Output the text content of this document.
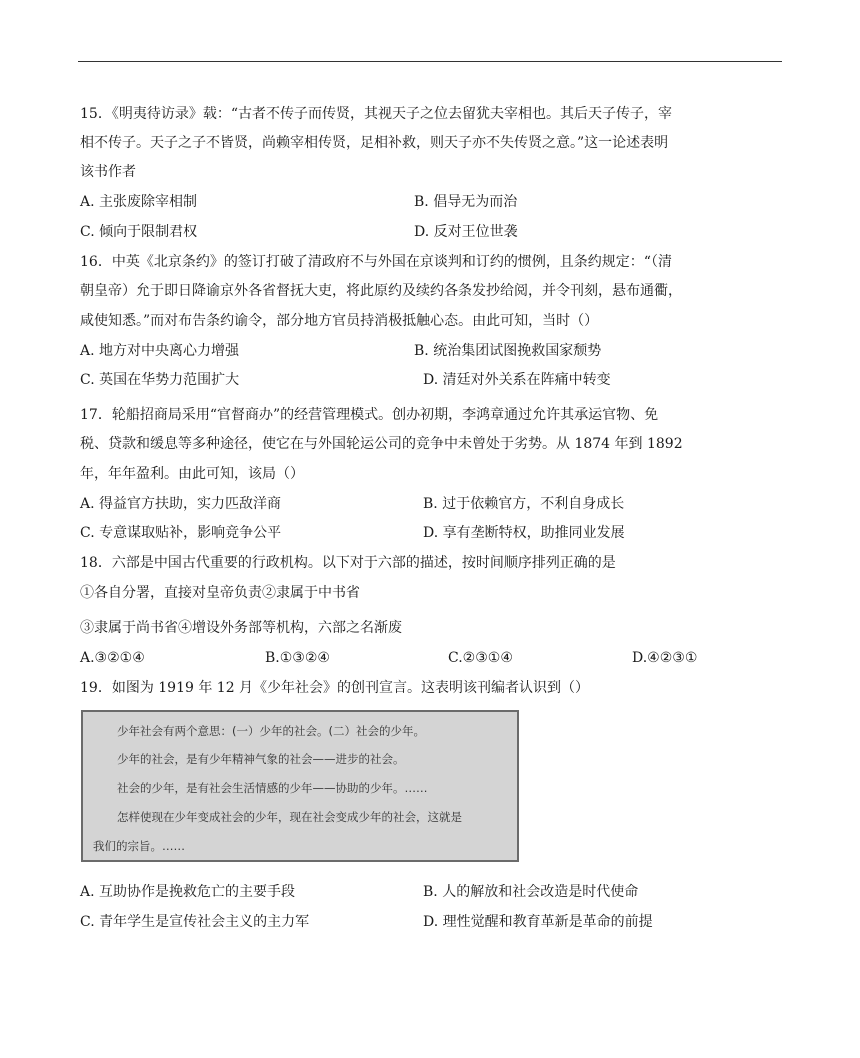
15．《明夷待访录》载：“古者不传子而传贤，其视天子之位去留犹夫宰相也。其后天子传子，宰
相不传子。天子之子不皆贤，尚赖宰相传贤，足相补救，则天子亦不失传贤之意。”这一论述表明
该书作者
A. 主张废除宰相制	B. 倡导无为而治
C. 倾向于限制君权	D. 反对王位世袭
16．中英《北京条约》的签订打破了清政府不与外国在京谈判和订约的惯例，且条约规定：“（清
朝皇帝）允于即日降谕京外各省督抚大吏，将此原约及续约各条发抄给阅，并令刊刻，悬布通衢，
咸使知悉。”而对布告条约谕令，部分地方官员持消极抵触心态。由此可知，当时（）
A. 地方对中央离心力增强	B. 统治集团试图挽救国家颓势
C. 英国在华势力范围扩大	D. 清廷对外关系在阵痛中转变
17．轮船招商局采用“官督商办”的经营管理模式。创办初期，李鸿章通过允许其承运官物、免
税、贷款和缓息等多种途径，使它在与外国轮运公司的竞争中未曾处于劣势。从 1874 年到 1892
年，年年盈利。由此可知，该局（）
A. 得益官方扶助，实力匹敌洋商	B. 过于依赖官方，不利自身成长
C. 专意谋取贴补，影响竞争公平	D. 享有垄断特权，助推同业发展
18．六部是中国古代重要的行政机构。以下对于六部的描述，按时间顺序排列正确的是
①各自分署，直接对皇帝负责②隶属于中书省
③隶属于尚书省④增设外务部等机构，六部之名渐废
A.③②①④	B.①③②④	C.②③①④	D.④②③①
19．如图为 1919 年 12 月《少年社会》的创刊宣言。这表明该刊编者认识到（）
少年社会有两个意思：(一）少年的社会。(二）社会的少年。
少年的社会，是有少年精神气象的社会——进步的社会。
社会的少年，是有社会生活情感的少年——协助的少年。……
怎样使现在少年变成社会的少年，现在社会变成少年的社会，这就是
我们的宗旨。……
A. 互助协作是挽救危亡的主要手段	B. 人的解放和社会改造是时代使命
C. 青年学生是宣传社会主义的主力军	D. 理性觉醒和教育革新是革命的前提
